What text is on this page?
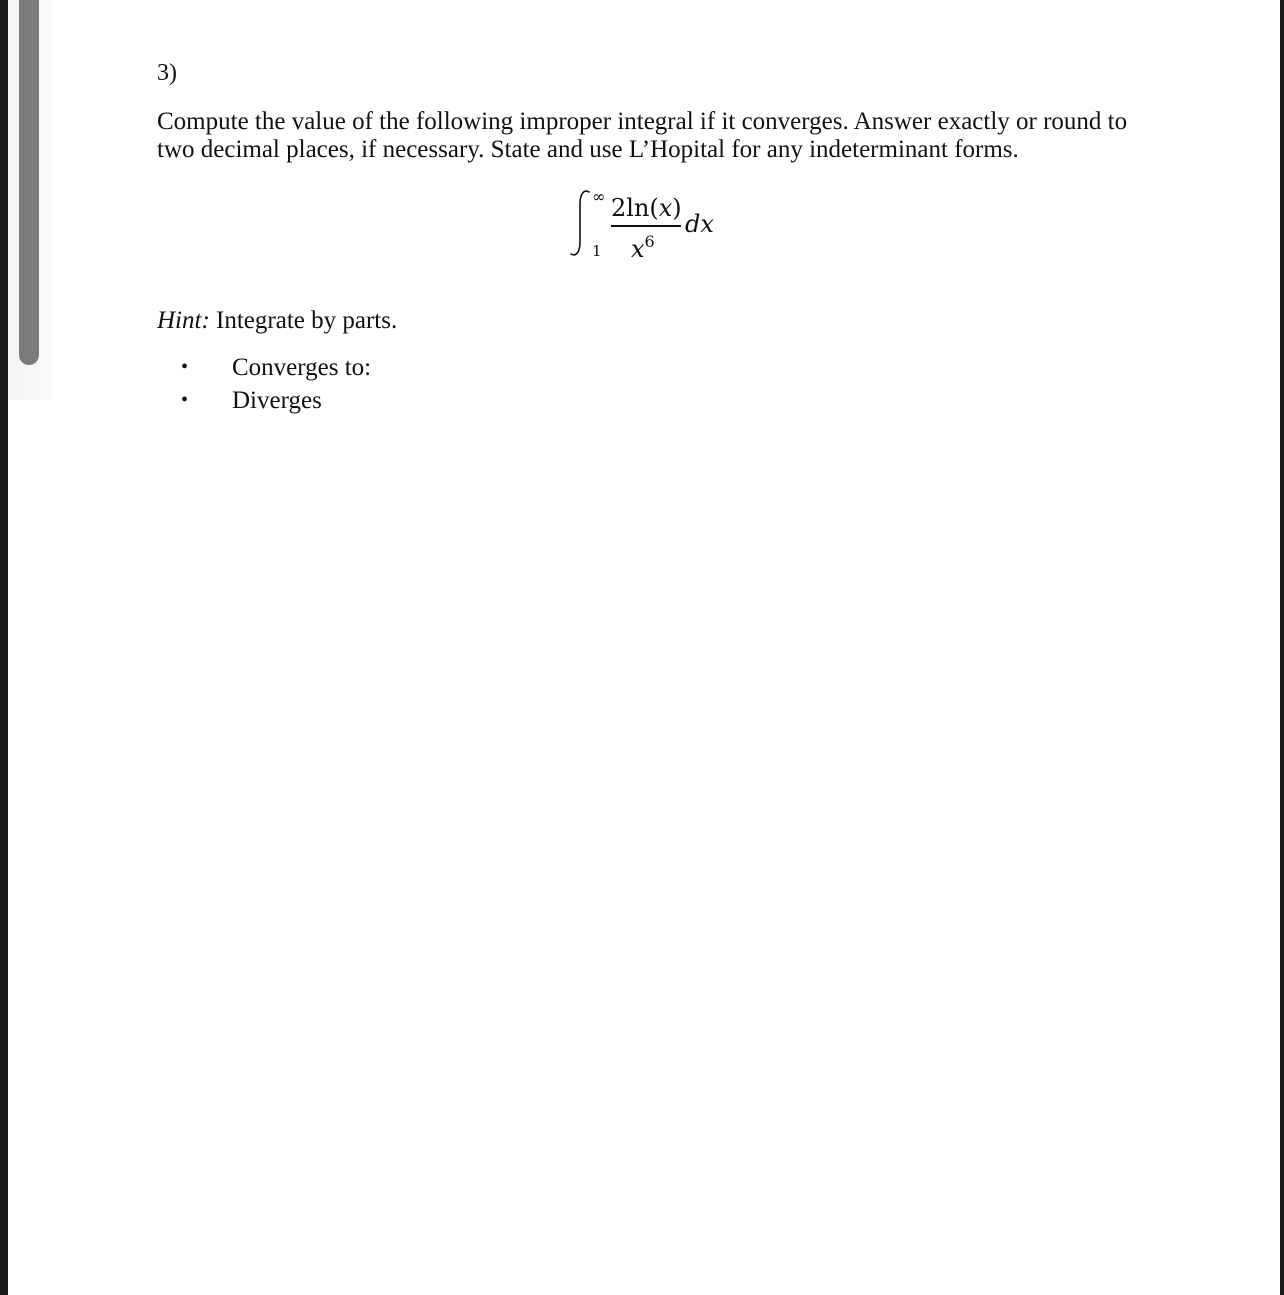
3)

Compute the value of the following improper integral if it converges. Answer exactly or round to
two decimal places, if necessary. State and use L’Hopital for any indeterminant forms.
∞
1
2ln(𝑥)
𝑥$^6$
𝑑𝑥
Hint: Integrate by parts.
• Converges to:
• Diverges
